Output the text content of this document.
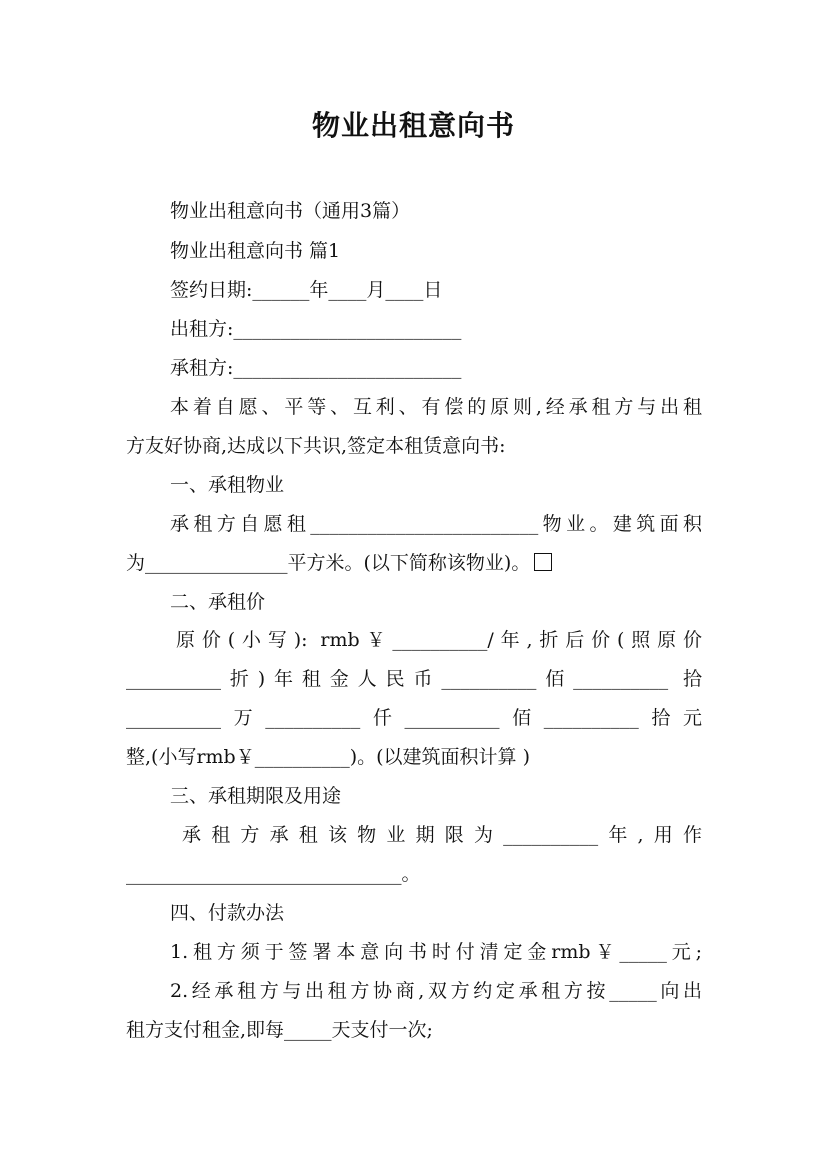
物业出租意向书
物业出租意向书（通用3篇）
物业出租意向书 篇1
签约日期:______年____月____日
出租方:________________________
承租方:________________________
本着自愿、平等、互利、有偿的原则,经承租方与出租
方友好协商,达成以下共识,签定本租赁意向书:
一、承租物业
承租方自愿租________________________物业。建筑面积
为_______________平方米。(以下简称该物业)。
二、承租价
原价(小写): rmb￥__________/年,折后价(照原价
__________折)年租金人民币__________佰__________ 拾
__________万__________仟__________佰__________拾元
整,(小写rmb￥__________)。(以建筑面积计算 )
三、承租期限及用途
承租方承租该物业期限为__________年,用作
_____________________________。
四、付款办法
1.租方须于签署本意向书时付清定金rmb￥_____元;
2.经承租方与出租方协商,双方约定承租方按_____向出
租方支付租金,即每_____天支付一次;
